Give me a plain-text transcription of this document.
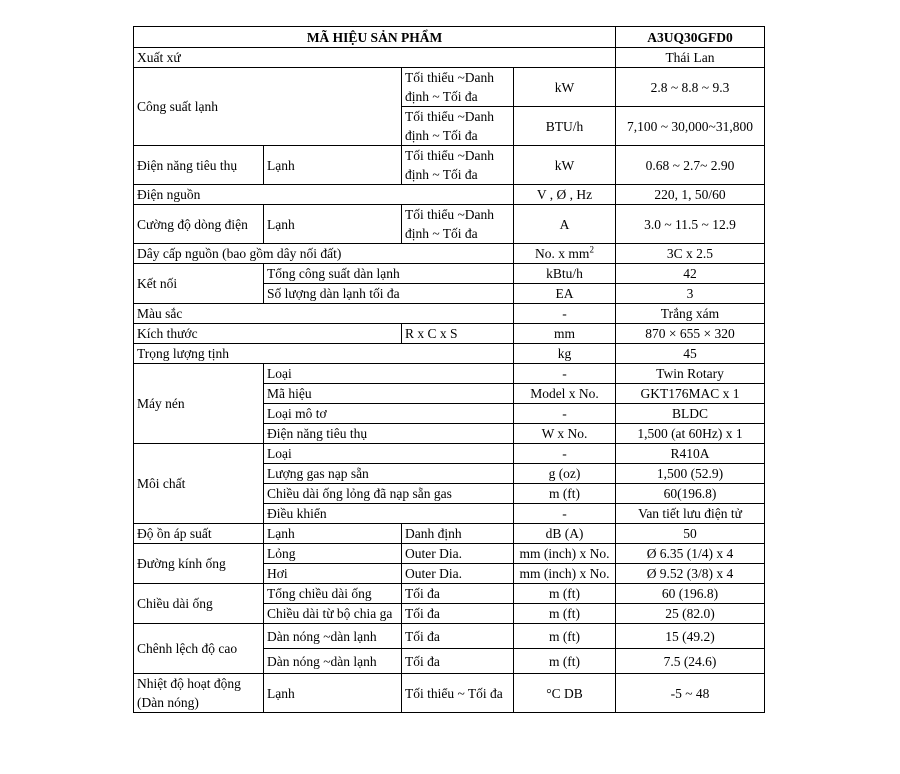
MÃ HIỆU SẢN PHẨM				A3UQ30GFD0
Xuất xứ				Thái Lan
Công suất lạnh		Tối thiểu ~Danh định ~ Tối đa	kW	2.8 ~ 8.8 ~ 9.3
		Tối thiểu ~Danh định ~ Tối đa	BTU/h	7,100 ~ 30,000~31,800
Điện năng tiêu thụ	Lạnh	Tối thiểu ~Danh định ~ Tối đa	kW	0.68 ~ 2.7~ 2.90
Điện nguồn			V , Ø , Hz	220, 1, 50/60
Cường độ dòng điện	Lạnh	Tối thiểu ~Danh định ~ Tối đa	A	3.0 ~ 11.5 ~ 12.9
Dây cấp nguồn (bao gồm dây nối đất)			No. x $mm^2$	3C x 2.5
Kết nối	Tổng công suất dàn lạnh		kBtu/h	42
	Số lượng dàn lạnh tối đa		EA	3
Màu sắc			-	Trắng xám
Kích thước		R x C x S	mm	870 × 655 × 320
Trọng lượng tịnh			kg	45
Máy nén	Loại		-	Twin Rotary
	Mã hiệu		Model x No.	GKT176MAC x 1
	Loại mô tơ		-	BLDC
	Điện năng tiêu thụ		W x No.	1,500 (at 60Hz) x 1
Môi chất	Loại		-	R410A
	Lượng gas nạp sẵn		g (oz)	1,500 (52.9)
	Chiều dài ống lỏng đã nạp sẵn gas		m (ft)	60(196.8)
	Điều khiển		-	Van tiết lưu điện tử
Độ ồn áp suất	Lạnh	Danh định	dB (A)	50
Đường kính ống	Lỏng	Outer Dia.	mm (inch) x No.	Ø 6.35 (1/4) x 4
	Hơi	Outer Dia.	mm (inch) x No.	Ø 9.52 (3/8) x 4
Chiều dài ống	Tổng chiều dài ống	Tối đa	m (ft)	60 (196.8)
	Chiều dài từ bộ chia ga	Tối đa	m (ft)	25 (82.0)
Chênh lệch độ cao	Dàn nóng ~dàn lạnh	Tối đa	m (ft)	15 (49.2)
	Dàn nóng ~dàn lạnh	Tối đa	m (ft)	7.5 (24.6)
Nhiệt độ hoạt động (Dàn nóng)	Lạnh	Tối thiểu ~ Tối đa	°C DB	-5 ~ 48
